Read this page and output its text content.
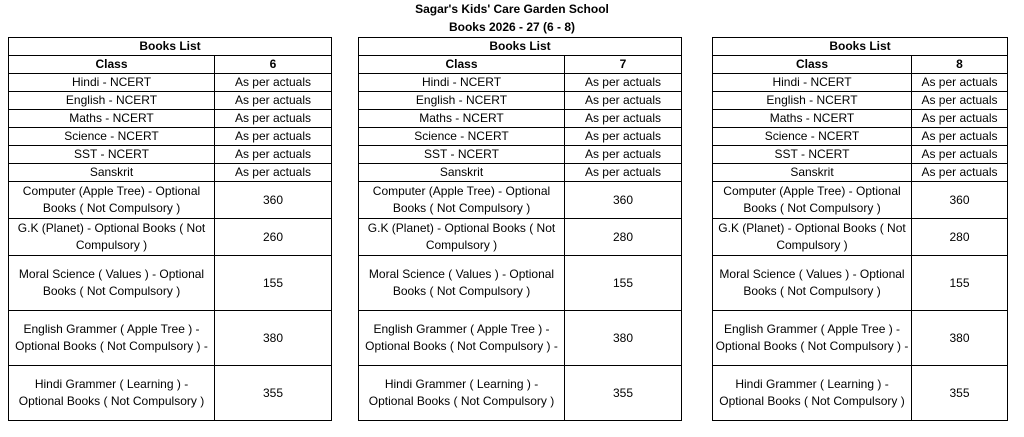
Sagar's Kids' Care Garden School
Books 2026 - 27 (6 - 8)
Books List	
Class	6
Hindi - NCERT	As per actuals
English - NCERT	As per actuals
Maths - NCERT	As per actuals
Science - NCERT	As per actuals
SST - NCERT	As per actuals
Sanskrit	As per actuals
Computer (Apple Tree) - Optional Books ( Not Compulsory )	360
G.K (Planet) - Optional Books ( Not Compulsory )	260
Moral Science ( Values ) - Optional Books ( Not Compulsory )	155
English Grammer ( Apple Tree ) - Optional Books ( Not Compulsory ) -	380
Hindi Grammer ( Learning ) - Optional Books ( Not Compulsory )	355
Books List	
Class	7
Hindi - NCERT	As per actuals
English - NCERT	As per actuals
Maths - NCERT	As per actuals
Science - NCERT	As per actuals
SST - NCERT	As per actuals
Sanskrit	As per actuals
Computer (Apple Tree) - Optional Books ( Not Compulsory )	360
G.K (Planet) - Optional Books ( Not Compulsory )	280
Moral Science ( Values ) - Optional Books ( Not Compulsory )	155
English Grammer ( Apple Tree ) - Optional Books ( Not Compulsory ) -	380
Hindi Grammer ( Learning ) - Optional Books ( Not Compulsory )	355
Books List	
Class	8
Hindi - NCERT	As per actuals
English - NCERT	As per actuals
Maths - NCERT	As per actuals
Science - NCERT	As per actuals
SST - NCERT	As per actuals
Sanskrit	As per actuals
Computer (Apple Tree) - Optional Books ( Not Compulsory )	360
G.K (Planet) - Optional Books ( Not Compulsory )	280
Moral Science ( Values ) - Optional Books ( Not Compulsory )	155
English Grammer ( Apple Tree ) - Optional Books ( Not Compulsory ) -	380
Hindi Grammer ( Learning ) - Optional Books ( Not Compulsory )	355
